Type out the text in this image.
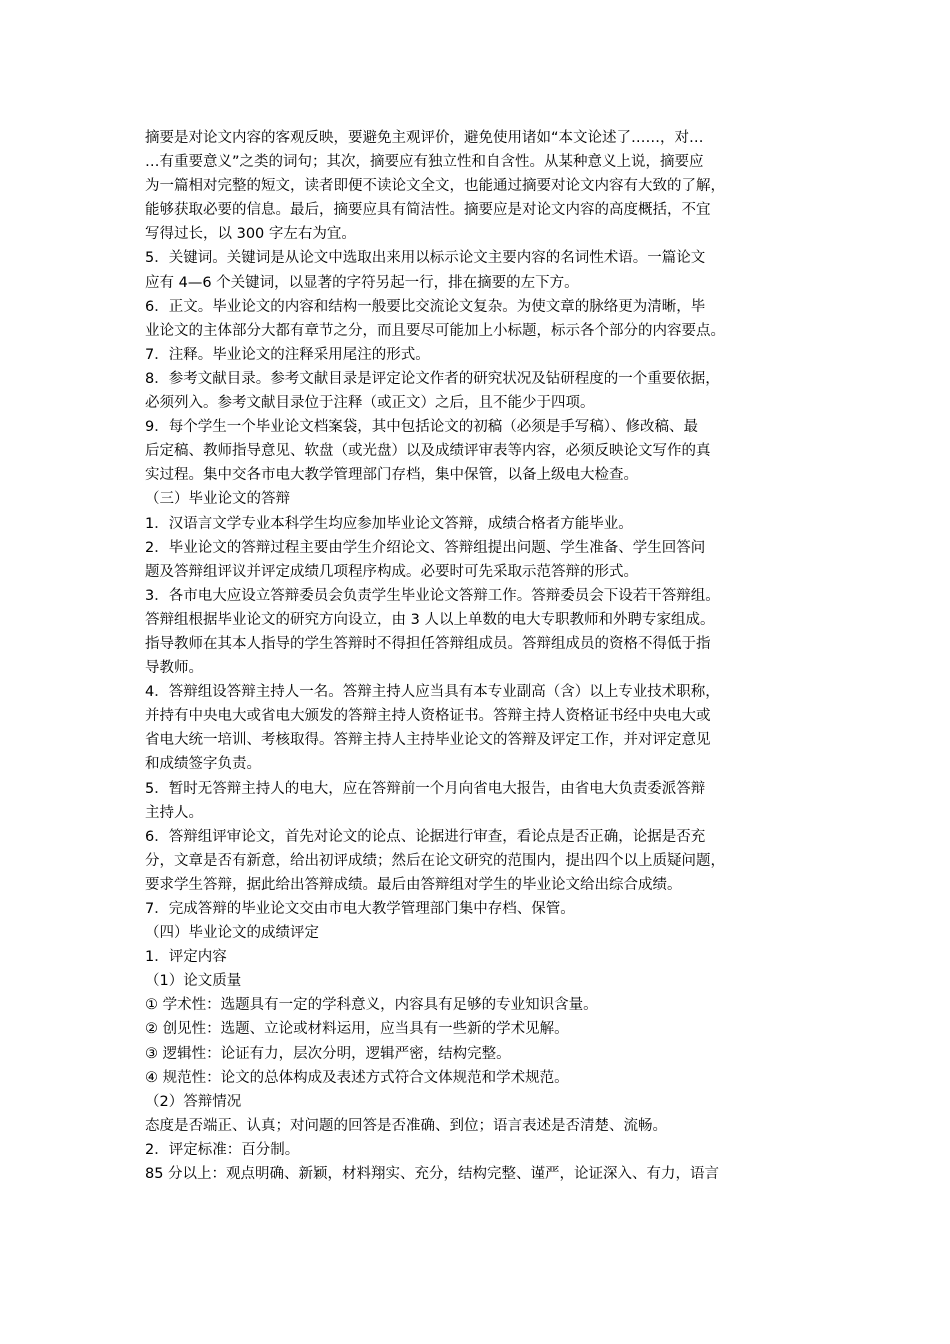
摘要是对论文内容的客观反映，要避免主观评价，避免使用诸如“本文论述了……，对…
…有重要意义”之类的词句；其次，摘要应有独立性和自含性。从某种意义上说，摘要应
为一篇相对完整的短文，读者即便不读论文全文，也能通过摘要对论文内容有大致的了解，
能够获取必要的信息。最后，摘要应具有简洁性。摘要应是对论文内容的高度概括，不宜
写得过长，以 300 字左右为宜。
5．关键词。关键词是从论文中选取出来用以标示论文主要内容的名词性术语。一篇论文
应有 4—6 个关键词，以显著的字符另起一行，排在摘要的左下方。
6．正文。毕业论文的内容和结构一般要比交流论文复杂。为使文章的脉络更为清晰，毕
业论文的主体部分大都有章节之分，而且要尽可能加上小标题，标示各个部分的内容要点。
7．注释。毕业论文的注释采用尾注的形式。
8．参考文献目录。参考文献目录是评定论文作者的研究状况及钻研程度的一个重要依据，
必须列入。参考文献目录位于注释（或正文）之后，且不能少于四项。
9．每个学生一个毕业论文档案袋，其中包括论文的初稿（必须是手写稿）、修改稿、最
后定稿、教师指导意见、软盘（或光盘）以及成绩评审表等内容，必须反映论文写作的真
实过程。集中交各市电大教学管理部门存档，集中保管，以备上级电大检查。
（三）毕业论文的答辩
1．汉语言文学专业本科学生均应参加毕业论文答辩，成绩合格者方能毕业。
2．毕业论文的答辩过程主要由学生介绍论文、答辩组提出问题、学生准备、学生回答问
题及答辩组评议并评定成绩几项程序构成。必要时可先采取示范答辩的形式。
3．各市电大应设立答辩委员会负责学生毕业论文答辩工作。答辩委员会下设若干答辩组。
答辩组根据毕业论文的研究方向设立，由 3 人以上单数的电大专职教师和外聘专家组成。
指导教师在其本人指导的学生答辩时不得担任答辩组成员。答辩组成员的资格不得低于指
导教师。
4．答辩组设答辩主持人一名。答辩主持人应当具有本专业副高（含）以上专业技术职称，
并持有中央电大或省电大颁发的答辩主持人资格证书。答辩主持人资格证书经中央电大或
省电大统一培训、考核取得。答辩主持人主持毕业论文的答辩及评定工作，并对评定意见
和成绩签字负责。
5．暂时无答辩主持人的电大，应在答辩前一个月向省电大报告，由省电大负责委派答辩
主持人。
6．答辩组评审论文，首先对论文的论点、论据进行审查，看论点是否正确，论据是否充
分，文章是否有新意，给出初评成绩；然后在论文研究的范围内，提出四个以上质疑问题，
要求学生答辩，据此给出答辩成绩。最后由答辩组对学生的毕业论文给出综合成绩。
7．完成答辩的毕业论文交由市电大教学管理部门集中存档、保管。
（四）毕业论文的成绩评定
1．评定内容
（1）论文质量
① 学术性：选题具有一定的学科意义，内容具有足够的专业知识含量。
② 创见性：选题、立论或材料运用，应当具有一些新的学术见解。
③ 逻辑性：论证有力，层次分明，逻辑严密，结构完整。
④ 规范性：论文的总体构成及表述方式符合文体规范和学术规范。
（2）答辩情况
态度是否端正、认真；对问题的回答是否准确、到位；语言表述是否清楚、流畅。
2．评定标准：百分制。
85 分以上：观点明确、新颖，材料翔实、充分，结构完整、谨严，论证深入、有力，语言
